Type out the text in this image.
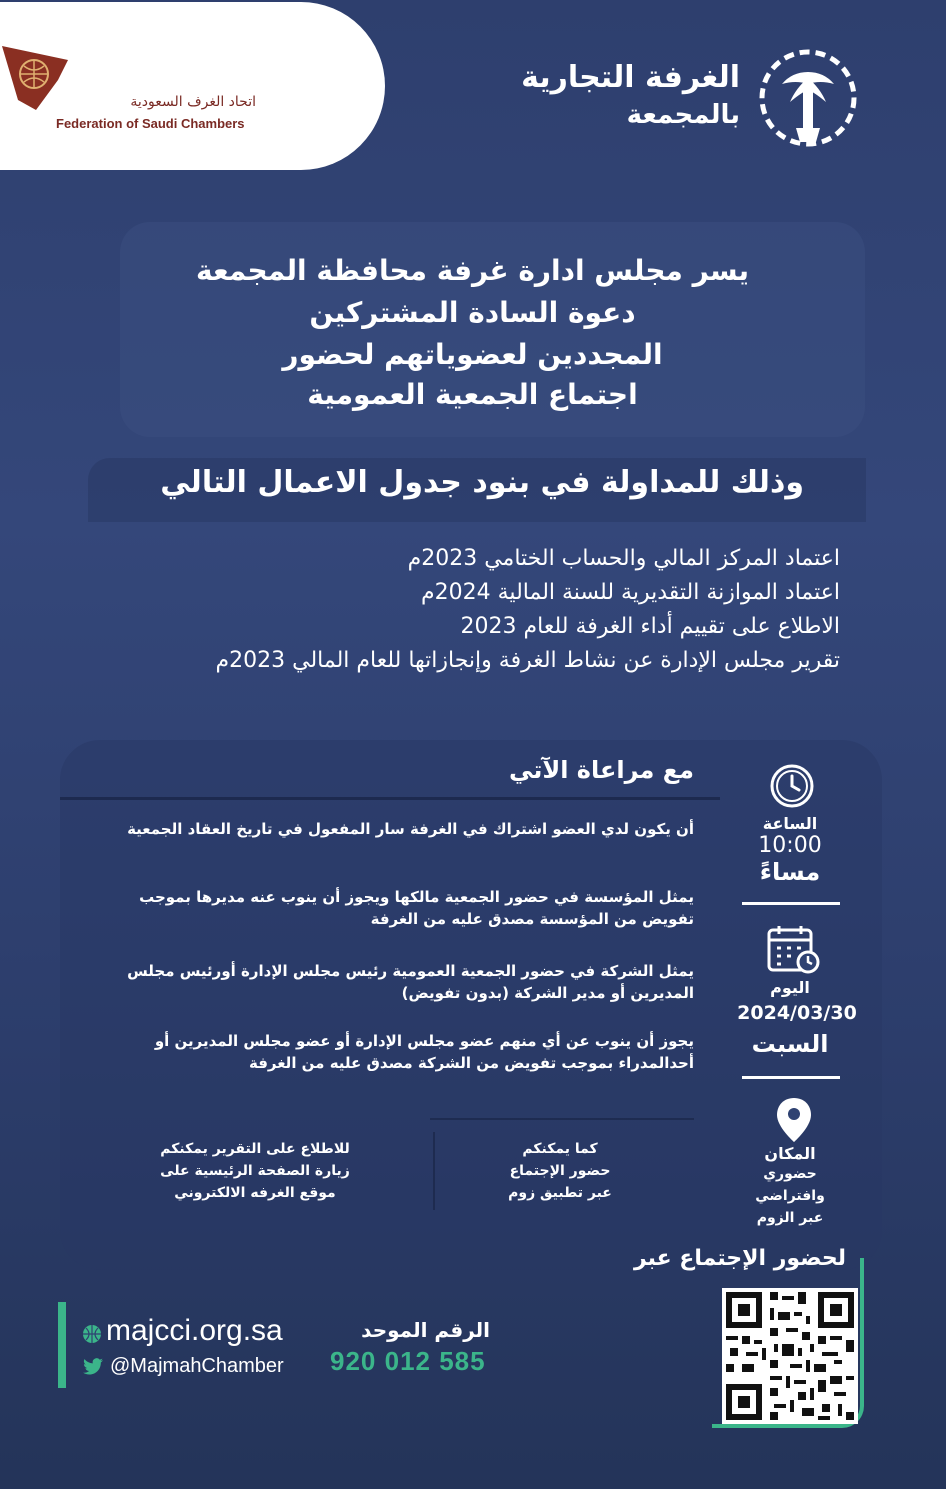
اتحاد الغرف السعودية
Federation of Saudi Chambers
الغرفة التجارية
بالمجمعة
يسر مجلس ادارة غرفة محافظة المجمعة
دعوة السادة المشتركين
المجددين لعضوياتهم لحضور
اجتماع الجمعية العمومية
وذلك للمداولة في بنود جدول الاعمال التالي
اعتماد المركز المالي والحساب الختامي 2023م
اعتماد الموازنة التقديرية للسنة المالية 2024م
الاطلاع على تقييم أداء الغرفة للعام 2023
تقرير مجلس الإدارة عن نشاط الغرفة وإنجازاتها للعام المالي 2023م
مع مراعاة الآتي
أن يكون لدي العضو اشتراك في الغرفة سار المفعول في تاريخ العقاد الجمعية
يمثل المؤسسة في حضور الجمعية مالكها ويجوز أن ينوب عنه مديرها بموجب تفويض من المؤسسة مصدق عليه من الغرفة
يمثل الشركة في حضور الجمعية العمومية رئيس مجلس الإدارة أورئيس مجلس المديرين أو مدير الشركة (بدون تفويض)
يجوز أن ينوب عن أي منهم عضو مجلس الإدارة أو عضو مجلس المديرين أو أحدالمدراء بموجب تفويض من الشركة مصدق عليه من الغرفة
كما يمكنكم
حضور الإجتماع
عبر تطبيق زوم
للاطلاع على التقرير يمكنكم
زيارة الصفحة الرئيسية على
موقع الغرفه الالكتروني
الساعة
10:00
مساءً
اليوم
2024/03/30
السبت
المكان
حضوري
وافتراضي
عبر الزوم
لحضور الإجتماع عبر
majcci.org.sa
@MajmahChamber
الرقم الموحد
920 012 585
